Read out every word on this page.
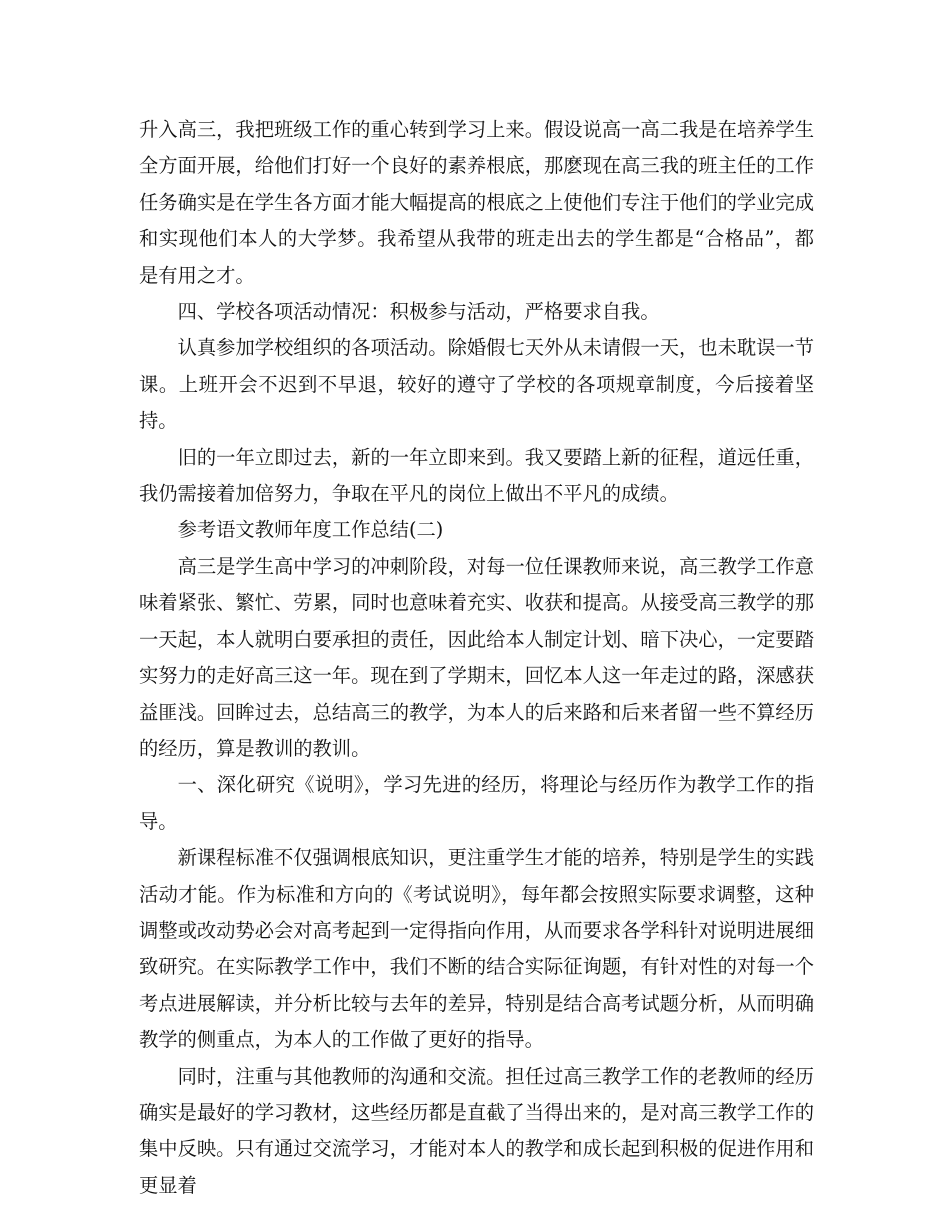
升入高三，我把班级工作的重心转到学习上来。假设说高一高二我是在培养学生全方面开展，给他们打好一个良好的素养根底，那麽现在高三我的班主任的工作任务确实是在学生各方面才能大幅提高的根底之上使他们专注于他们的学业完成和实现他们本人的大学梦。我希望从我带的班走出去的学生都是“合格品”，都是有用之才。

四、学校各项活动情况：积极参与活动，严格要求自我。

认真参加学校组织的各项活动。除婚假七天外从未请假一天，也未耽误一节课。上班开会不迟到不早退，较好的遵守了学校的各项规章制度，今后接着坚持。

旧的一年立即过去，新的一年立即来到。我又要踏上新的征程，道远任重，我仍需接着加倍努力，争取在平凡的岗位上做出不平凡的成绩。

参考语文教师年度工作总结(二)

高三是学生高中学习的冲刺阶段，对每一位任课教师来说，高三教学工作意味着紧张、繁忙、劳累，同时也意味着充实、收获和提高。从接受高三教学的那一天起，本人就明白要承担的责任，因此给本人制定计划、暗下决心，一定要踏实努力的走好高三这一年。现在到了学期末，回忆本人这一年走过的路，深感获益匪浅。回眸过去，总结高三的教学，为本人的后来路和后来者留一些不算经历的经历，算是教训的教训。

一、深化研究《说明》，学习先进的经历，将理论与经历作为教学工作的指导。

新课程标准不仅强调根底知识，更注重学生才能的培养，特别是学生的实践活动才能。作为标准和方向的《考试说明》，每年都会按照实际要求调整，这种调整或改动势必会对高考起到一定得指向作用，从而要求各学科针对说明进展细致研究。在实际教学工作中，我们不断的结合实际征询题，有针对性的对每一个考点进展解读，并分析比较与去年的差异，特别是结合高考试题分析，从而明确教学的侧重点，为本人的工作做了更好的指导。

同时，注重与其他教师的沟通和交流。担任过高三教学工作的老教师的经历确实是最好的学习教材，这些经历都是直截了当得出来的，是对高三教学工作的集中反映。只有通过交流学习，才能对本人的教学和成长起到积极的促进作用和更显着
